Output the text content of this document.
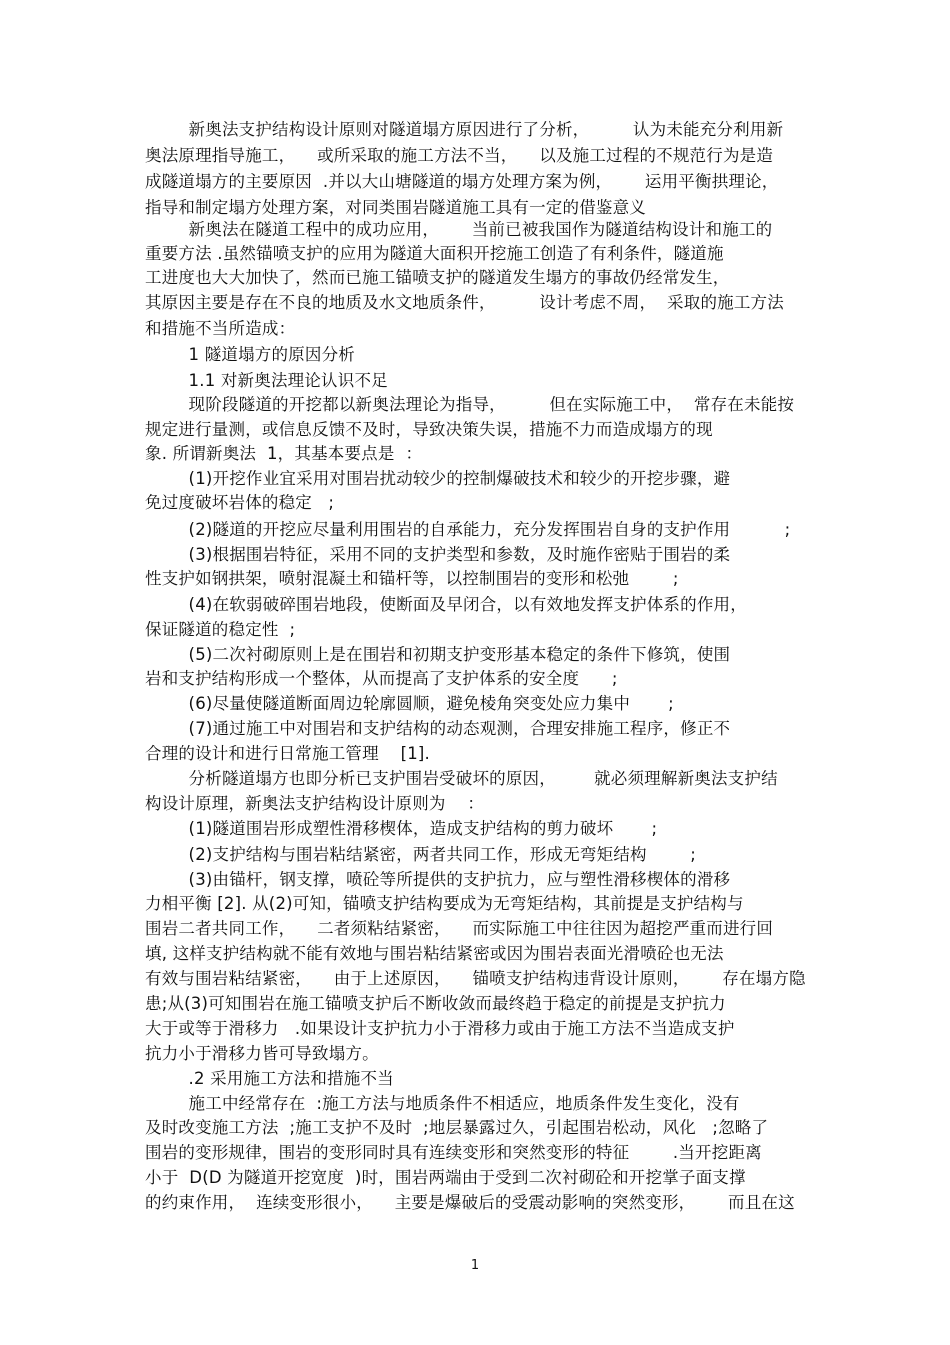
新奥法支护结构设计原则对隧道塌方原因进行了分析，        认为未能充分利用新

奥法原理指导施工，    或所采取的施工方法不当，    以及施工过程的不规范行为是造

成隧道塌方的主要原因  .并以大山塘隧道的塌方处理方案为例，      运用平衡拱理论，

指导和制定塌方处理方案，对同类围岩隧道施工具有一定的借鉴意义

新奥法在隧道工程中的成功应用，      当前已被我国作为隧道结构设计和施工的

重要方法 .虽然锚喷支护的应用为隧道大面积开挖施工创造了有利条件，隧道施

工进度也大大加快了，然而已施工锚喷支护的隧道发生塌方的事故仍经常发生，

其原因主要是存在不良的地质及水文地质条件，        设计考虑不周，  采取的施工方法

和措施不当所造成：

1 隧道塌方的原因分析

1.1 对新奥法理论认识不足

现阶段隧道的开挖都以新奥法理论为指导，        但在实际施工中，  常存在未能按

规定进行量测，或信息反馈不及时，导致决策失误，措施不力而造成塌方的现

象. 所谓新奥法  1，其基本要点是  ：

(1)开挖作业宜采用对围岩扰动较少的控制爆破技术和较少的开挖步骤，避

免过度破坏岩体的稳定   ;

(2)隧道的开挖应尽量利用围岩的自承能力，充分发挥围岩自身的支护作用          ;

(3)根据围岩特征，采用不同的支护类型和参数，及时施作密贴于围岩的柔

性支护如钢拱架，喷射混凝土和锚杆等，以控制围岩的变形和松弛        ;

(4)在软弱破碎围岩地段，使断面及早闭合，以有效地发挥支护体系的作用，

保证隧道的稳定性  ;

(5)二次衬砌原则上是在围岩和初期支护变形基本稳定的条件下修筑，使围

岩和支护结构形成一个整体，从而提高了支护体系的安全度      ;

(6)尽量使隧道断面周边轮廓圆顺，避免棱角突变处应力集中       ;

(7)通过施工中对围岩和支护结构的动态观测，合理安排施工程序，修正不

合理的设计和进行日常施工管理    [1].

分析隧道塌方也即分析已支护围岩受破坏的原因，       就必须理解新奥法支护结

构设计原理，新奥法支护结构设计原则为    ：

(1)隧道围岩形成塑性滑移楔体，造成支护结构的剪力破坏       ;

(2)支护结构与围岩粘结紧密，两者共同工作，形成无弯矩结构        ;

(3)由锚杆，钢支撑，喷砼等所提供的支护抗力，应与塑性滑移楔体的滑移

力相平衡 [2]. 从(2)可知，锚喷支护结构要成为无弯矩结构，其前提是支护结构与

围岩二者共同工作，    二者须粘结紧密，    而实际施工中往往因为超挖严重而进行回

填, 这样支护结构就不能有效地与围岩粘结紧密或因为围岩表面光滑喷砼也无法

有效与围岩粘结紧密，    由于上述原因，    锚喷支护结构违背设计原则，      存在塌方隐

患;从(3)可知围岩在施工锚喷支护后不断收敛而最终趋于稳定的前提是支护抗力

大于或等于滑移力   .如果设计支护抗力小于滑移力或由于施工方法不当造成支护

抗力小于滑移力皆可导致塌方。

.2 采用施工方法和措施不当

施工中经常存在  :施工方法与地质条件不相适应，地质条件发生变化，没有

及时改变施工方法  ;施工支护不及时  ;地层暴露过久，引起围岩松动，风化   ;忽略了

围岩的变形规律，围岩的变形同时具有连续变形和突然变形的特征        .当开挖距离

小于  D(D 为隧道开挖宽度  )时，围岩两端由于受到二次衬砌砼和开挖掌子面支撑

的约束作用，  连续变形很小，    主要是爆破后的受震动影响的突然变形，      而且在这

1
